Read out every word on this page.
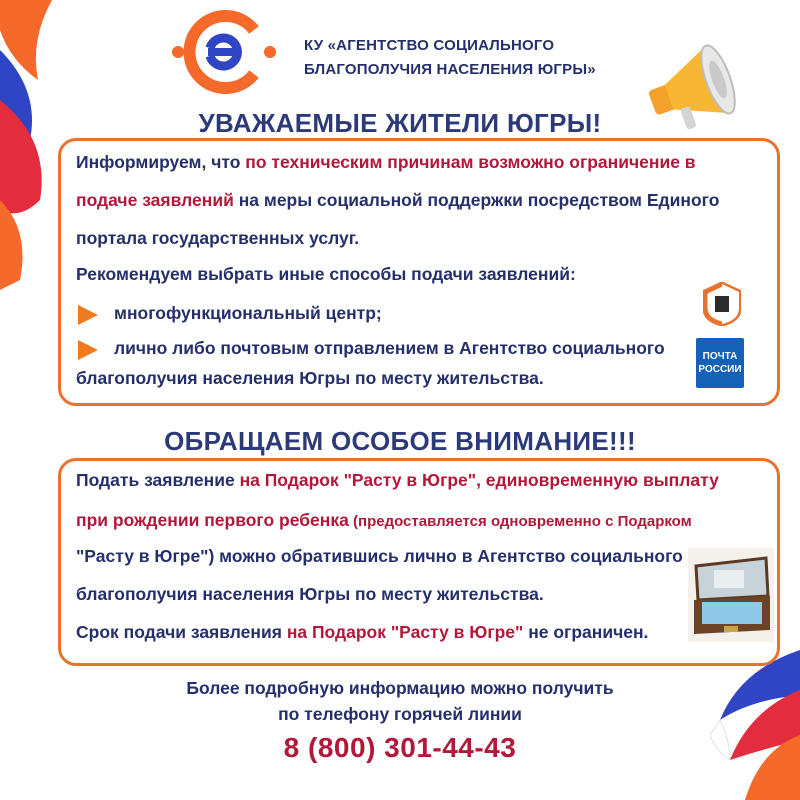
КУ «АГЕНТСТВО СОЦИАЛЬНОГО
БЛАГОПОЛУЧИЯ НАСЕЛЕНИЯ ЮГРЫ»
УВАЖАЕМЫЕ ЖИТЕЛИ ЮГРЫ!
Информируем, что по техническим причинам возможно ограничение в
подаче заявлений на меры социальной поддержки посредством Единого
портала государственных услуг.
Рекомендуем выбрать иные способы подачи заявлений:
многофункциональный центр;
лично либо почтовым отправлением в Агентство социального
благополучия населения Югры по месту жительства.
ПОЧТА
РОССИИ
ОБРАЩАЕМ ОСОБОЕ ВНИМАНИЕ!!!
Подать заявление на Подарок "Расту в Югре", единовременную выплату
при рождении первого ребенка (предоставляется одновременно с Подарком
"Расту в Югре") можно обратившись лично в Агентство социального
благополучия населения Югры по месту жительства.
Срок подачи заявления на Подарок "Расту в Югре" не ограничен.
Более подробную информацию можно получить
по телефону горячей линии
8 (800) 301-44-43
